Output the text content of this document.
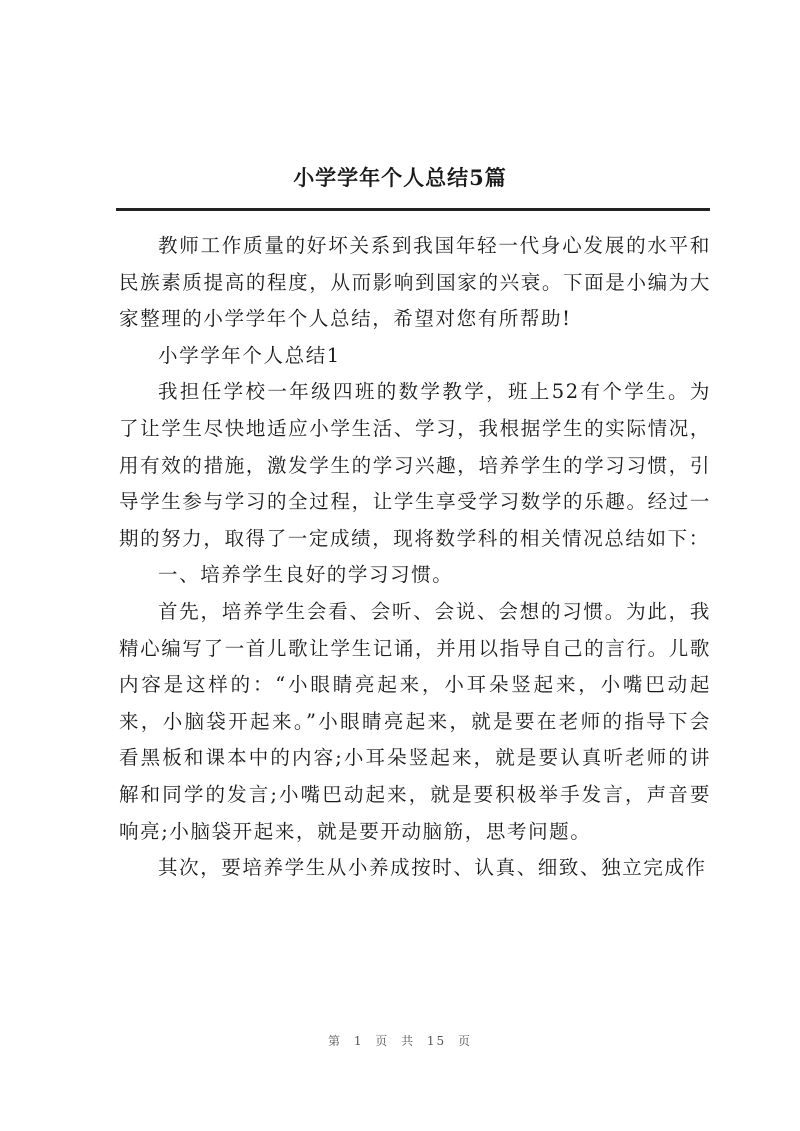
小学学年个人总结5篇

教师工作质量的好坏关系到我国年轻一代身心发展的水平和民族素质提高的程度，从而影响到国家的兴衰。下面是小编为大家整理的小学学年个人总结，希望对您有所帮助!

小学学年个人总结1

我担任学校一年级四班的数学教学，班上52有个学生。为了让学生尽快地适应小学生活、学习，我根据学生的实际情况，用有效的措施，激发学生的学习兴趣，培养学生的学习习惯，引导学生参与学习的全过程，让学生享受学习数学的乐趣。经过一期的努力，取得了一定成绩，现将数学科的相关情况总结如下：

一、培养学生良好的学习习惯。

首先，培养学生会看、会听、会说、会想的习惯。为此，我精心编写了一首儿歌让学生记诵，并用以指导自己的言行。儿歌内容是这样的：“小眼睛亮起来，小耳朵竖起来，小嘴巴动起来，小脑袋开起来。”小眼睛亮起来，就是要在老师的指导下会看黑板和课本中的内容;小耳朵竖起来，就是要认真听老师的讲解和同学的发言;小嘴巴动起来，就是要积极举手发言，声音要响亮;小脑袋开起来，就是要开动脑筋，思考问题。

其次，要培养学生从小养成按时、认真、细致、独立完成作

第 1 页 共 15 页
